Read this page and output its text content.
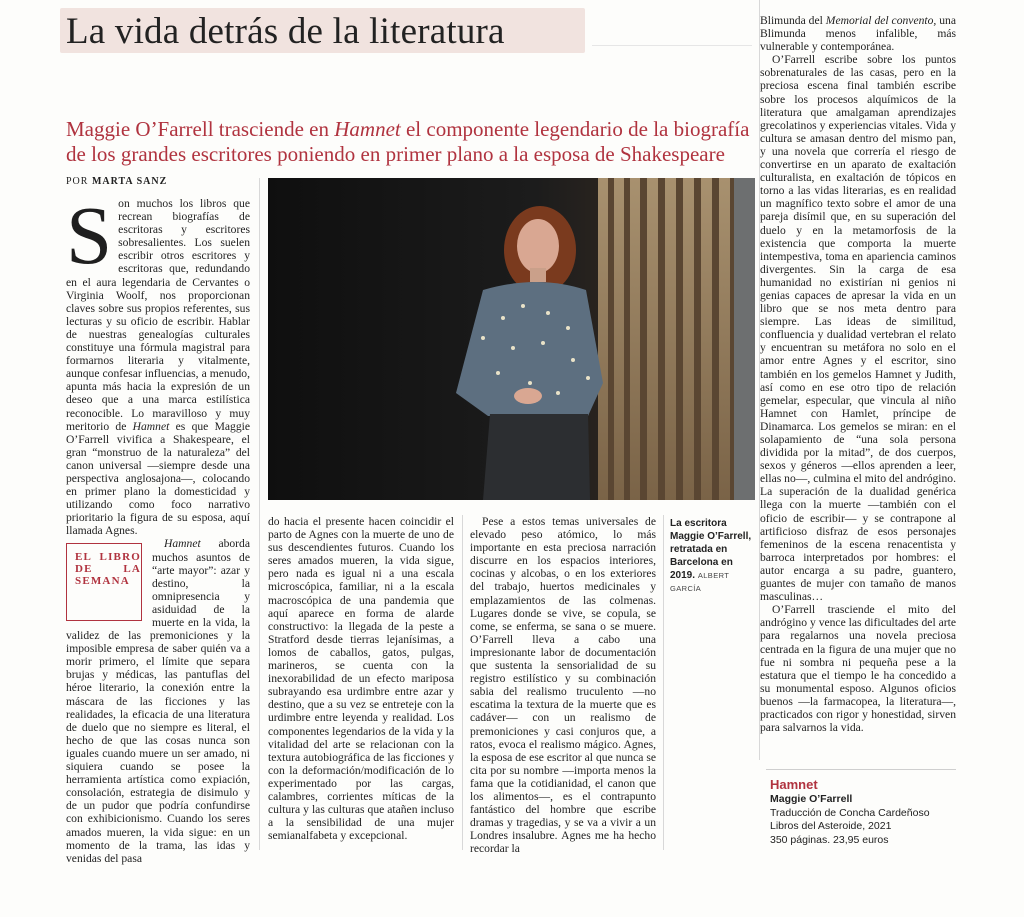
La vida detrás de la literatura
Maggie O’Farrell trasciende en Hamnet el componente legendario de la biografía de los grandes escritores poniendo en primer plano a la esposa de Shakespeare
POR MARTA SANZ

Son muchos los libros que recrean biografías de escritoras y escritores sobresalientes. Los suelen escribir otros escritores y escritoras que, redundando en el aura legendaria de Cervantes o Virginia Woolf, nos proporcionan claves sobre sus propios referentes, sus lecturas y su oficio de escribir. Hablar de nuestras genealogías culturales constituye una fórmula magistral para formarnos literaria y vitalmente, aunque confesar influencias, a menudo, apunta más hacia la expresión de un deseo que a una marca estilística reconocible. Lo maravilloso y muy meritorio de Hamnet es que Maggie O’Farrell vivifica a Shakespeare, el gran “monstruo de la naturaleza” del canon universal —siempre desde una perspectiva anglosajona—, colocando en primer plano la domesticidad y utilizando como foco narrativo prioritario la figura de su esposa, aquí llamada Agnes.

EL LIBRO DE LA SEMANA

Hamnet aborda muchos asuntos de “arte mayor”: azar y destino, la omnipresencia y asiduidad de la muerte en la vida, la validez de las premoniciones y la imposible empresa de saber quién va a morir primero, el límite que separa brujas y médicas, las pantuflas del héroe literario, la conexión entre la máscara de las ficciones y las realidades, la eficacia de una literatura de duelo que no siempre es literal, el hecho de que las cosas nunca son iguales cuando muere un ser amado, ni siquiera cuando se posee la herramienta artística como expiación, consolación, estrategia de disimulo y de un pudor que podría confundirse con exhibicionismo. Cuando los seres amados mueren, la vida sigue: en un momento de la trama, las idas y venidas del pasa

do hacia el presente hacen coincidir el parto de Agnes con la muerte de uno de sus descendientes futuros. Cuando los seres amados mueren, la vida sigue, pero nada es igual ni a una escala microscópica, familiar, ni a la escala macroscópica de una pandemia que aquí aparece en forma de alarde constructivo: la llegada de la peste a Stratford desde tierras lejanísimas, a lomos de caballos, gatos, pulgas, marineros, se cuenta con la inexorabilidad de un efecto mariposa subrayando esa urdimbre entre azar y destino, que a su vez se entreteje con la urdimbre entre leyenda y realidad. Los componentes legendarios de la vida y la vitalidad del arte se relacionan con la textura autobiográfica de las ficciones y con la deformación/modificación de lo experimentado por las cargas, calambres, corrientes míticas de la cultura y las culturas que atañen incluso a la sensibilidad de una mujer semianalfabeta y excepcional.

Pese a estos temas universales de elevado peso atómico, lo más importante en esta preciosa narración discurre en los espacios interiores, cocinas y alcobas, o en los exteriores del trabajo, huertos medicinales y emplazamientos de las colmenas. Lugares donde se vive, se copula, se come, se enferma, se sana o se muere. O’Farrell lleva a cabo una impresionante labor de documentación que sustenta la sensorialidad de su registro estilístico y su combinación sabia del realismo truculento —no escatima la textura de la muerte que es cadáver— con un realismo de premoniciones y casi conjuros que, a ratos, evoca el realismo mágico. Agnes, la esposa de ese escritor al que nunca se cita por su nombre —importa menos la fama que la cotidianidad, el canon que los alimentos—, es el contrapunto fantástico del hombre que escribe dramas y tragedias, y se va a vivir a un Londres insalubre. Agnes me ha hecho recordar la

La escritora Maggie O’Farrell, retratada en Barcelona en 2019. ALBERT GARCÍA

Blimunda del Memorial del convento, una Blimunda menos infalible, más vulnerable y contemporánea.

O’Farrell escribe sobre los puntos sobrenaturales de las casas, pero en la preciosa escena final también escribe sobre los procesos alquímicos de la literatura que amalgaman aprendizajes grecolatinos y experiencias vitales. Vida y cultura se amasan dentro del mismo pan, y una novela que correría el riesgo de convertirse en un aparato de exaltación culturalista, en exaltación de tópicos en torno a las vidas literarias, es en realidad un magnífico texto sobre el amor de una pareja disímil que, en su superación del duelo y en la metamorfosis de la existencia que comporta la muerte intempestiva, toma en apariencia caminos divergentes. Sin la carga de esa humanidad no existirían ni genios ni genias capaces de apresar la vida en un libro que se nos meta dentro para siempre. Las ideas de similitud, confluencia y dualidad vertebran el relato y encuentran su metáfora no solo en el amor entre Agnes y el escritor, sino también en los gemelos Hamnet y Judith, así como en ese otro tipo de relación gemelar, especular, que vincula al niño Hamnet con Hamlet, príncipe de Dinamarca. Los gemelos se miran: en el solapamiento de “una sola persona dividida por la mitad”, de dos cuerpos, sexos y géneros —ellos aprenden a leer, ellas no—, culmina el mito del andrógino. La superación de la dualidad genérica llega con la muerte —también con el oficio de escribir— y se contrapone al artificioso disfraz de esos personajes femeninos de la escena renacentista y barroca interpretados por hombres: el autor encarga a su padre, guantero, guantes de mujer con tamaño de manos masculinas…

O’Farrell trasciende el mito del andrógino y vence las dificultades del arte para regalarnos una novela preciosa centrada en la figura de una mujer que no fue ni sombra ni pequeña pese a la estatura que el tiempo le ha concedido a su monumental esposo. Algunos oficios buenos —la farmacopea, la literatura—, practicados con rigor y honestidad, sirven para salvarnos la vida.

Hamnet
Maggie O’Farrell
Traducción de Concha Cardeñoso
Libros del Asteroide, 2021
350 páginas. 23,95 euros
